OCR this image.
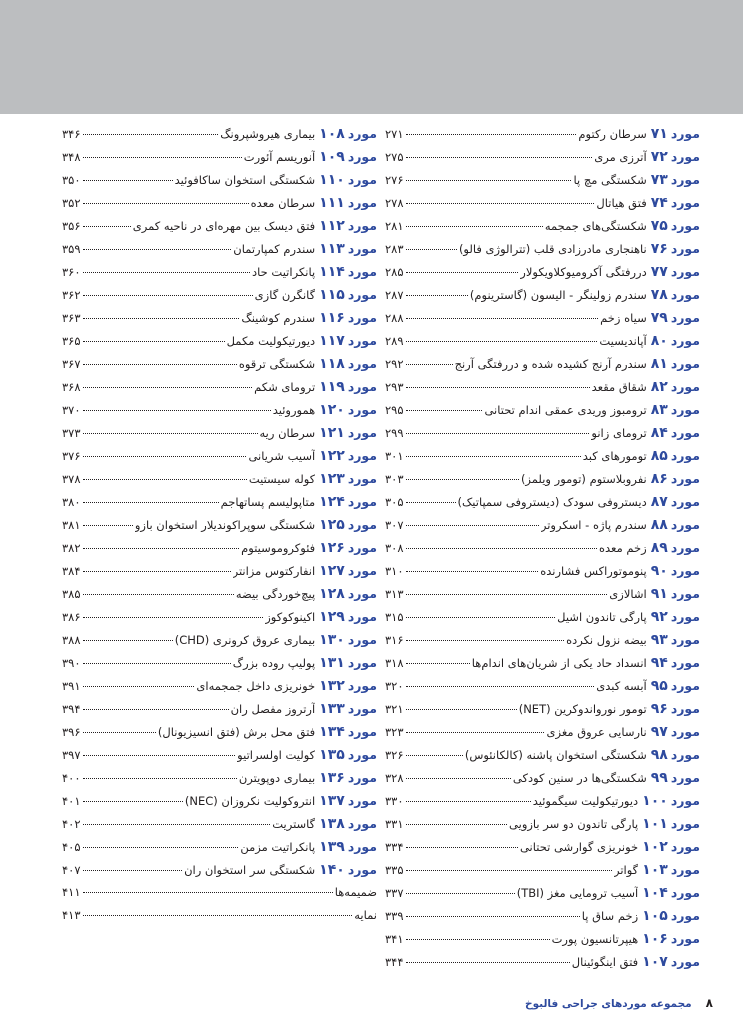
مورد
۷۱
سرطان رکتوم
۲۷۱
مورد
۷۲
آترزی مری
۲۷۵
مورد
۷۳
شکستگی مچ پا
۲۷۶
مورد
۷۴
فتق هیاتال
۲۷۸
مورد
۷۵
شکستگی‌های جمجمه
۲۸۱
مورد
۷۶
ناهنجاری مادرزادی قلب (تترالوژی فالو)
۲۸۳
مورد
۷۷
دررفتگی آکرومیوکلاویکولار
۲۸۵
مورد
۷۸
سندرم زولینگر - الیسون (گاسترینوم)
۲۸۷
مورد
۷۹
سیاه زخم
۲۸۸
مورد
۸۰
آپاندیسیت
۲۸۹
مورد
۸۱
سندرم آرنج کشیده شده و دررفتگی آرنج
۲۹۲
مورد
۸۲
شقاق مقعد
۲۹۳
مورد
۸۳
ترومبوز وریدی عمقی اندام تحتانی
۲۹۵
مورد
۸۴
ترومای زانو
۲۹۹
مورد
۸۵
تومورهای کبد
۳۰۱
مورد
۸۶
نفروبلاستوم (تومور ویلمز)
۳۰۳
مورد
۸۷
دیستروفی سودک (دیستروفی سمپاتیک)
۳۰۵
مورد
۸۸
سندرم پاژه - اسکروتر
۳۰۷
مورد
۸۹
زخم معده
۳۰۸
مورد
۹۰
پنوموتوراکس فشارنده
۳۱۰
مورد
۹۱
اشالازی
۳۱۳
مورد
۹۲
پارگی تاندون اشیل
۳۱۵
مورد
۹۳
بیضه نزول نکرده
۳۱۶
مورد
۹۴
انسداد حاد یکی از شریان‌های اندام‌ها
۳۱۸
مورد
۹۵
آبسه کبدی
۳۲۰
مورد
۹۶
تومور نورواندوکرین (NET)
۳۲۱
مورد
۹۷
نارسایی عروق مغزی
۳۲۳
مورد
۹۸
شکستگی استخوان پاشنه (کالکانئوس)
۳۲۶
مورد
۹۹
شکستگی‌ها در سنین کودکی
۳۲۸
مورد
۱۰۰
دیورتیکولیت سیگموئید
۳۳۰
مورد
۱۰۱
پارگی تاندون دو سر بازویی
۳۳۱
مورد
۱۰۲
خونریزی گوارشی تحتانی
۳۳۴
مورد
۱۰۳
گواتر
۳۳۵
مورد
۱۰۴
آسیب ترومایی مغز (TBI)
۳۳۷
مورد
۱۰۵
زخم ساق پا
۳۳۹
مورد
۱۰۶
هیپرتانسیون پورت
۳۴۱
مورد
۱۰۷
فتق اینگوئینال
۳۴۴
مورد
۱۰۸
بیماری هیروشپرونگ
۳۴۶
مورد
۱۰۹
آنوریسم آئورت
۳۴۸
مورد
۱۱۰
شکستگی استخوان ساکافوئید
۳۵۰
مورد
۱۱۱
سرطان معده
۳۵۲
مورد
۱۱۲
فتق دیسک بین مهره‌ای در ناحیه کمری
۳۵۶
مورد
۱۱۳
سندرم کمپارتمان
۳۵۹
مورد
۱۱۴
پانکراتیت حاد
۳۶۰
مورد
۱۱۵
گانگرن گازی
۳۶۲
مورد
۱۱۶
سندرم کوشینگ
۳۶۳
مورد
۱۱۷
دیورتیکولیت مکمل
۳۶۵
مورد
۱۱۸
شکستگی ترقوه
۳۶۷
مورد
۱۱۹
ترومای شکم
۳۶۸
مورد
۱۲۰
هموروئید
۳۷۰
مورد
۱۲۱
سرطان ریه
۳۷۳
مورد
۱۲۲
آسیب شریانی
۳۷۶
مورد
۱۲۳
کوله سیستیت
۳۷۸
مورد
۱۲۴
متاپولیسم پساتهاجم
۳۸۰
مورد
۱۲۵
شکستگی سوپراکوندیلار استخوان بازو
۳۸۱
مورد
۱۲۶
فئوکروموسیتوم
۳۸۲
مورد
۱۲۷
انفارکتوس مزانتر
۳۸۴
مورد
۱۲۸
پیچ‌خوردگی بیضه
۳۸۵
مورد
۱۲۹
اکینوکوکوز
۳۸۶
مورد
۱۳۰
بیماری عروق کرونری (CHD)
۳۸۸
مورد
۱۳۱
پولیپ روده بزرگ
۳۹۰
مورد
۱۳۲
خونریزی داخل جمجمه‌ای
۳۹۱
مورد
۱۳۳
آرتروز مفصل ران
۳۹۴
مورد
۱۳۴
فتق محل برش (فتق انسیزیونال)
۳۹۶
مورد
۱۳۵
کولیت اولسراتیو
۳۹۷
مورد
۱۳۶
بیماری دوپویترن
۴۰۰
مورد
۱۳۷
انتروکولیت نکروزان (NEC)
۴۰۱
مورد
۱۳۸
گاستریت
۴۰۲
مورد
۱۳۹
پانکراتیت مزمن
۴۰۵
مورد
۱۴۰
شکستگی سر استخوان ران
۴۰۷
ضمیمه‌ها
۴۱۱
نمایه
۴۱۳
۸
مجموعه موردهای جراحی فالبوخ
